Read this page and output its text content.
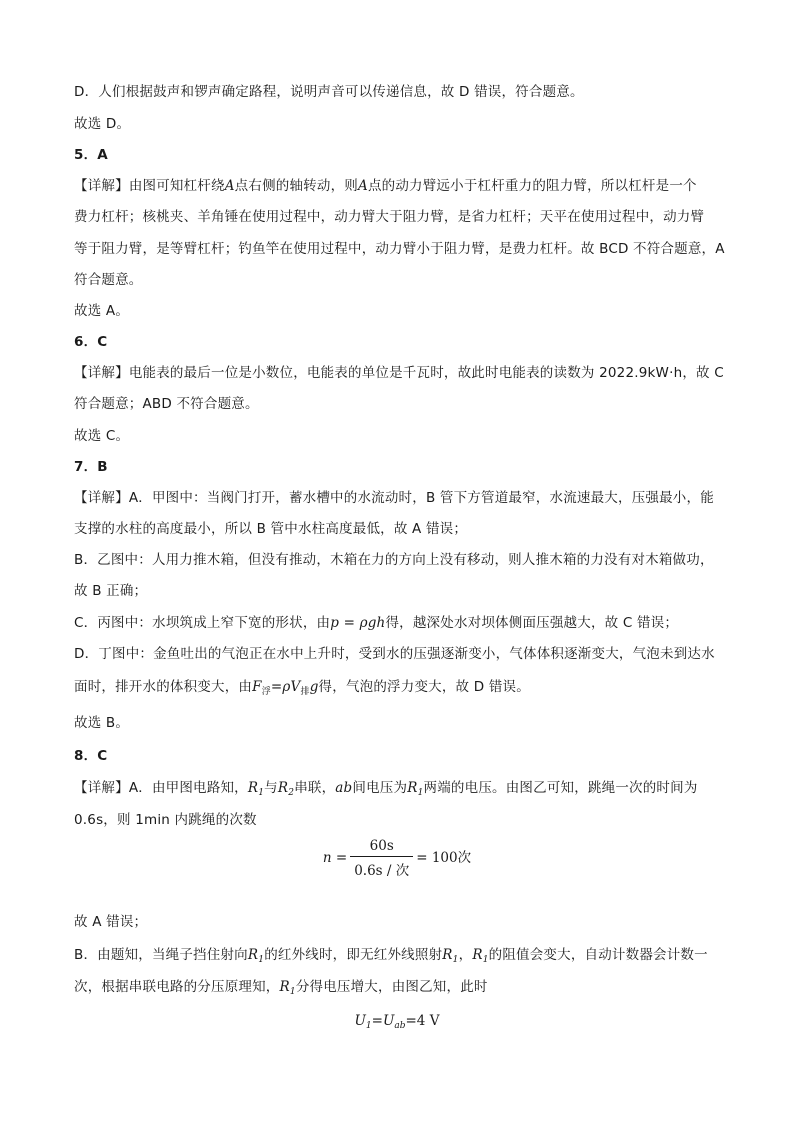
D．人们根据鼓声和锣声确定路程，说明声音可以传递信息，故 D 错误，符合题意。
故选 D。
5．A
【详解】由图可知杠杆绕A点右侧的轴转动，则A点的动力臂远小于杠杆重力的阻力臂，所以杠杆是一个
费力杠杆；核桃夹、羊角锤在使用过程中，动力臂大于阻力臂，是省力杠杆；天平在使用过程中，动力臂
等于阻力臂，是等臂杠杆；钓鱼竿在使用过程中，动力臂小于阻力臂，是费力杠杆。故 BCD 不符合题意，A
符合题意。
故选 A。
6．C
【详解】电能表的最后一位是小数位，电能表的单位是千瓦时，故此时电能表的读数为 2022.9kW·h，故 C
符合题意；ABD 不符合题意。
故选 C。
7．B
【详解】A．甲图中：当阀门打开，蓄水槽中的水流动时，B 管下方管道最窄，水流速最大，压强最小，能
支撑的水柱的高度最小，所以 B 管中水柱高度最低，故 A 错误；
B．乙图中：人用力推木箱，但没有推动，木箱在力的方向上没有移动，则人推木箱的力没有对木箱做功，
故 B 正确；
C．丙图中：水坝筑成上窄下宽的形状，由p = ρgh得，越深处水对坝体侧面压强越大，故 C 错误；
D．丁图中：金鱼吐出的气泡正在水中上升时，受到水的压强逐渐变小，气体体积逐渐变大，气泡未到达水
面时，排开水的体积变大，由$F_浮=\rho V_排g$得，气泡的浮力变大，故 D 错误。
故选 B。
8．C
【详解】A．由甲图电路知，$R_1$与$R_2$串联，ab间电压为$R_1$两端的电压。由图乙可知，跳绳一次的时间为
0.6s，则 1min 内跳绳的次数
$n = \frac{60s}{\text{0.6s / 次}} = 100$次
故 A 错误；
B．由题知，当绳子挡住射向$R_1$的红外线时，即无红外线照射$R_1$，$R_1$的阻值会变大，自动计数器会计数一
次，根据串联电路的分压原理知，$R_1$分得电压增大，由图乙知，此时
$U_1=U_{ab}=4$ V
